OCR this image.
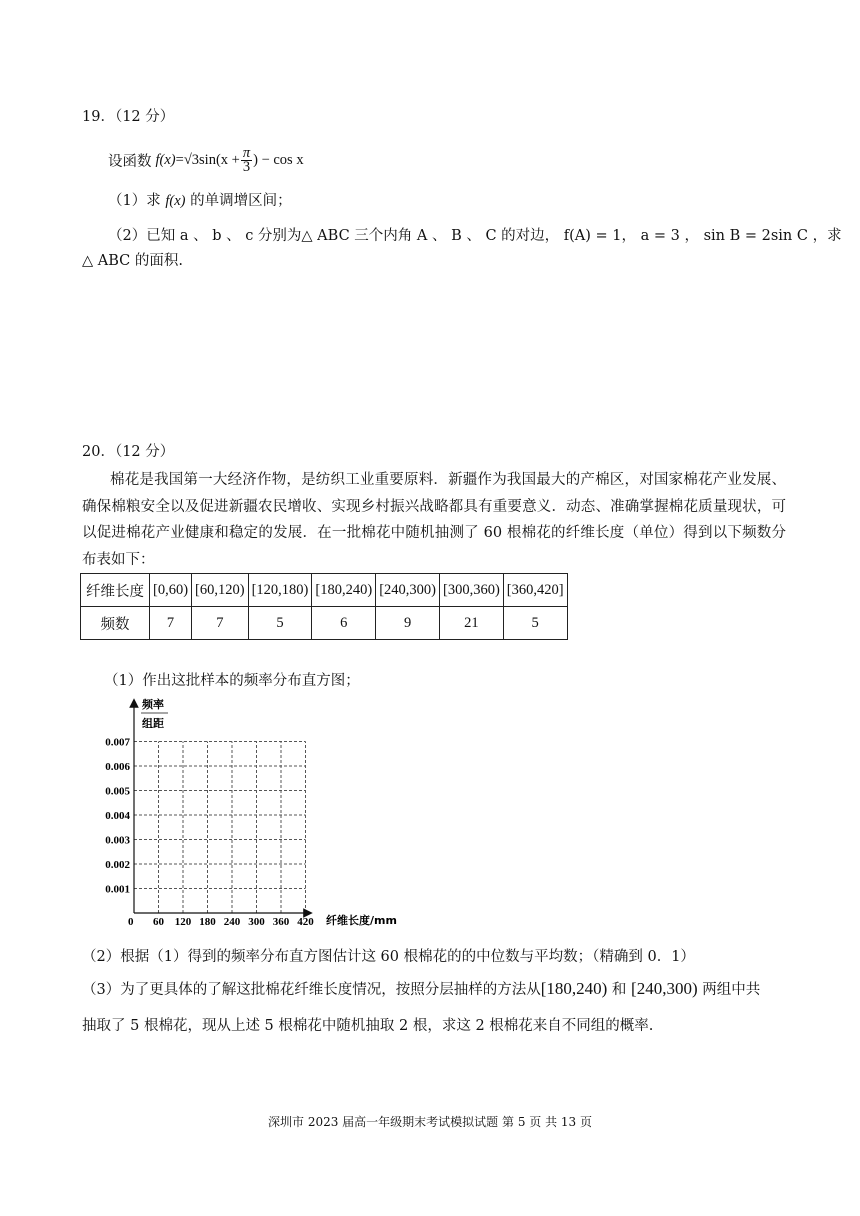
19．（12 分）
设函数 f(x) = √3 $\sin(x + \frac{\pi}{3}$ ) − cos x
（1）求 f(x) 的单调增区间；
（2）已知 a 、 b 、 c 分别为△ ABC 三个内角 A 、 B 、 C 的对边， f(A) = 1， a = 3 ， sin B = 2sin C ，求
△ ABC 的面积.
20．（12 分）
棉花是我国第一大经济作物，是纺织工业重要原料．新疆作为我国最大的产棉区，对国家棉花产业发展、确保棉粮安全以及促进新疆农民增收、实现乡村振兴战略都具有重要意义．动态、准确掌握棉花质量现状，可以促进棉花产业健康和稳定的发展．在一批棉花中随机抽测了 60 根棉花的纤维长度（单位）得到以下频数分布表如下：
纤维长度	[0,60)	[60,120)	[120,180)	[180,240)	[240,300)	[300,360)	[360,420]
频数	7	7	5	6	9	21	5
（1）作出这批样本的频率分布直方图；
频率
组距
0
0.001
0.002
0.003
0.004
0.005
0.006
0.007
60 120 180 240 300 360 420 纤维长度/mm
（2）根据（1）得到的频率分布直方图估计这 60 根棉花的的中位数与平均数；（精确到 0．1）
（3）为了更具体的了解这批棉花纤维长度情况，按照分层抽样的方法从[180,240) 和 [240,300) 两组中共
抽取了 5 根棉花，现从上述 5 根棉花中随机抽取 2 根，求这 2 根棉花来自不同组的概率.
深圳市 2023 届高一年级期末考试模拟试题 第 5 页 共 13 页
